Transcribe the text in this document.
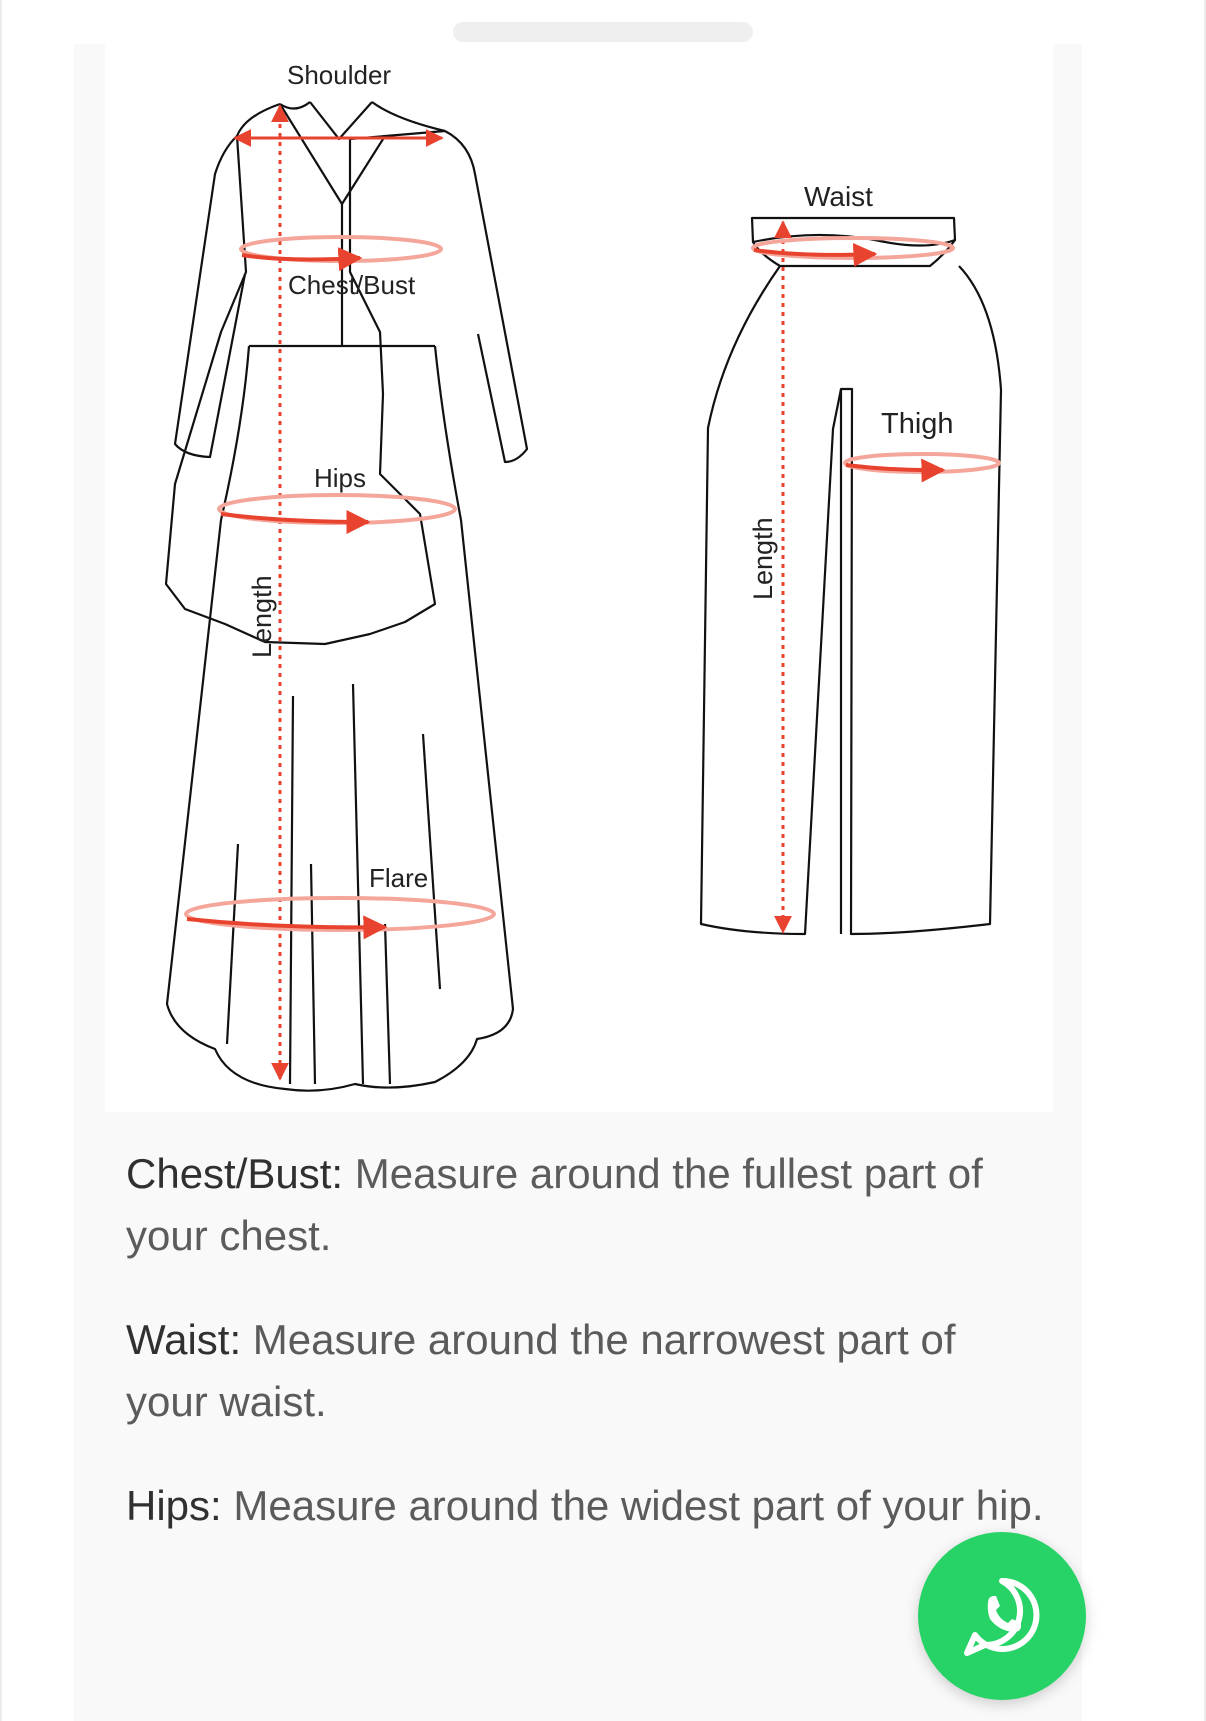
Shoulder
Chest/Bust
Hips
Flare
Length
Waist
Thigh
Length

Chest/Bust: Measure around the fullest part of your chest.

Waist: Measure around the narrowest part of your waist.

Hips: Measure around the widest part of your hip.
